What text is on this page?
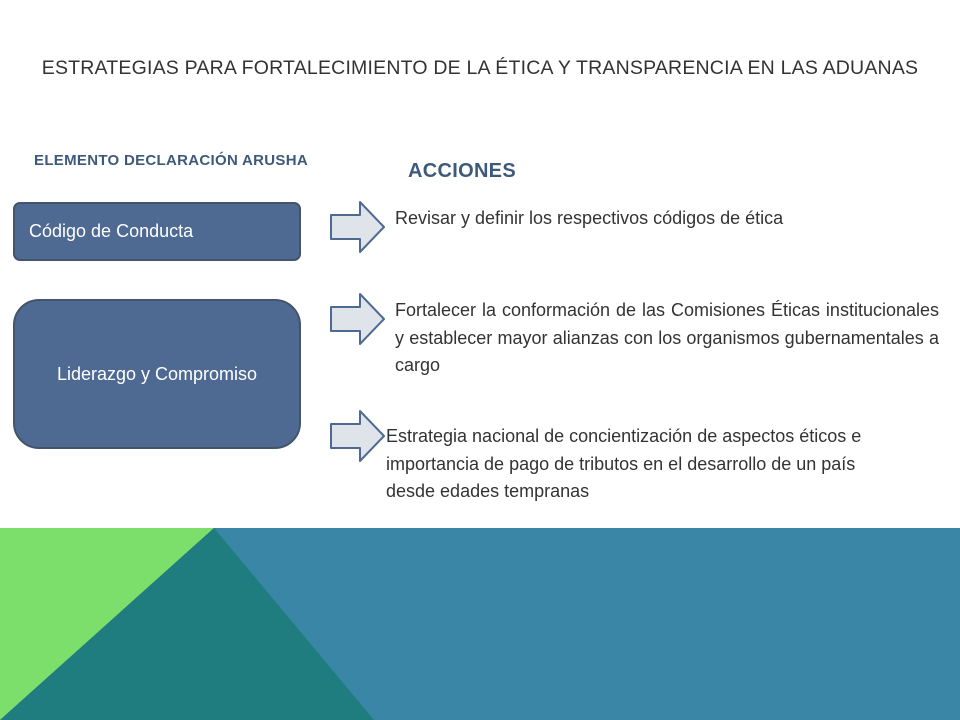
ESTRATEGIAS PARA FORTALECIMIENTO DE LA ÉTICA Y TRANSPARENCIA EN LAS ADUANAS
ELEMENTO DECLARACIÓN ARUSHA	ACCIONES
Código de Conducta
Liderazgo y Compromiso
Revisar y definir los respectivos códigos de ética
Fortalecer la conformación de las Comisiones Éticas institucionales y establecer mayor alianzas con los organismos gubernamentales a cargo
Estrategia nacional de concientización de aspectos éticos e importancia de pago de tributos en el desarrollo de un país desde edades tempranas
